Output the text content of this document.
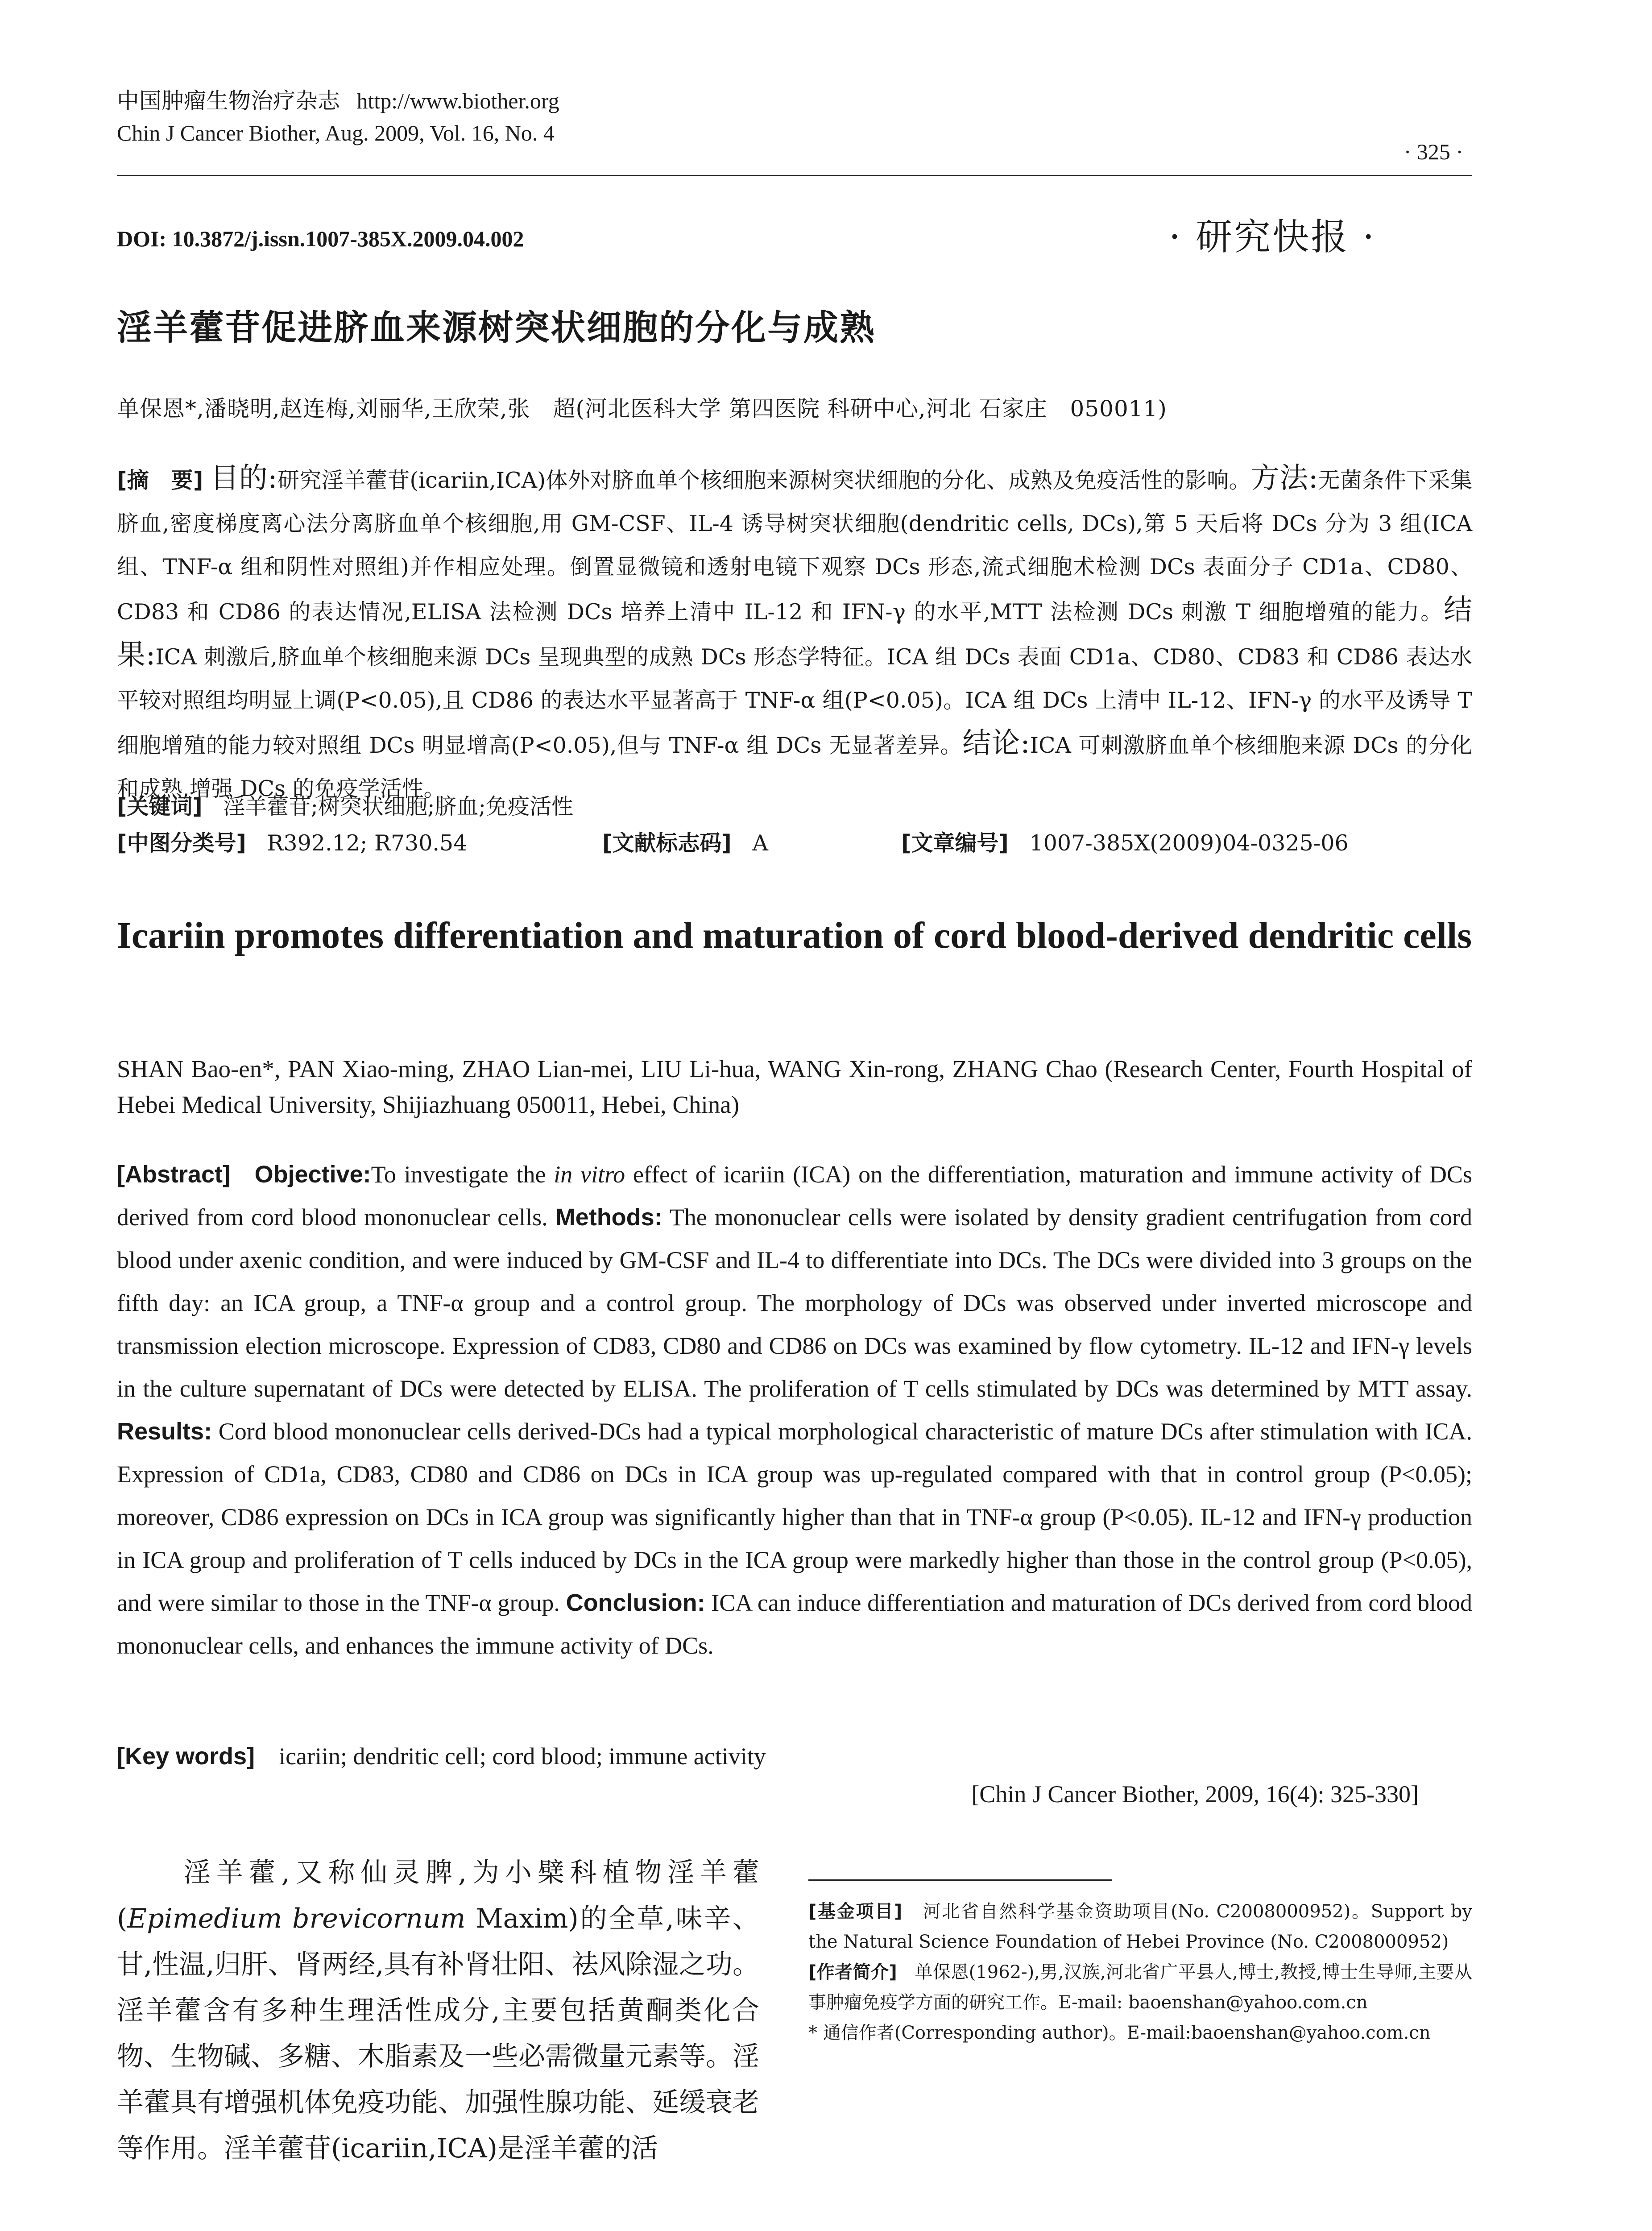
中国肿瘤生物治疗杂志 http://www.biother.org
Chin J Cancer Biother, Aug. 2009, Vol. 16, No. 4
· 325 ·
DOI: 10.3872/j.issn.1007-385X.2009.04.002	· 研究快报 ·
淫羊藿苷促进脐血来源树突状细胞的分化与成熟
单保恩*,潘晓明,赵连梅,刘丽华,王欣荣,张　超(河北医科大学 第四医院 科研中心,河北 石家庄　050011)
[摘　要] 目的:研究淫羊藿苷(icariin,ICA)体外对脐血单个核细胞来源树突状细胞的分化、成熟及免疫活性的影响。方法:无菌条件下采集脐血,密度梯度离心法分离脐血单个核细胞,用 GM-CSF、IL-4 诱导树突状细胞(dendritic cells, DCs),第 5 天后将 DCs 分为 3 组(ICA 组、TNF-α 组和阴性对照组)并作相应处理。倒置显微镜和透射电镜下观察 DCs 形态,流式细胞术检测 DCs 表面分子 CD1a、CD80、CD83 和 CD86 的表达情况,ELISA 法检测 DCs 培养上清中 IL-12 和 IFN-γ 的水平,MTT 法检测 DCs 刺激 T 细胞增殖的能力。结果:ICA 刺激后,脐血单个核细胞来源 DCs 呈现典型的成熟 DCs 形态学特征。ICA 组 DCs 表面 CD1a、CD80、CD83 和 CD86 表达水平较对照组均明显上调(P<0.05),且 CD86 的表达水平显著高于 TNF-α 组(P<0.05)。ICA 组 DCs 上清中 IL-12、IFN-γ 的水平及诱导 T 细胞增殖的能力较对照组 DCs 明显增高(P<0.05),但与 TNF-α 组 DCs 无显著差异。结论:ICA 可刺激脐血单个核细胞来源 DCs 的分化和成熟,增强 DCs 的免疫学活性。
[关键词] 淫羊藿苷;树突状细胞;脐血;免疫活性
[中图分类号] R392.12; R730.54	[文献标志码] A	[文章编号] 1007-385X(2009)04-0325-06
Icariin promotes differentiation and maturation of cord blood-derived dendritic cells
SHAN Bao-en*, PAN Xiao-ming, ZHAO Lian-mei, LIU Li-hua, WANG Xin-rong, ZHANG Chao (Research Center, Fourth Hospital of Hebei Medical University, Shijiazhuang 050011, Hebei, China)
[Abstract] Objective:To investigate the in vitro effect of icariin (ICA) on the differentiation, maturation and immune activity of DCs derived from cord blood mononuclear cells. Methods: The mononuclear cells were isolated by density gradient centrifugation from cord blood under axenic condition, and were induced by GM-CSF and IL-4 to differentiate into DCs. The DCs were divided into 3 groups on the fifth day: an ICA group, a TNF-α group and a control group. The morphology of DCs was observed under inverted microscope and transmission election microscope. Expression of CD83, CD80 and CD86 on DCs was examined by flow cytometry. IL-12 and IFN-γ levels in the culture supernatant of DCs were detected by ELISA. The proliferation of T cells stimulated by DCs was determined by MTT assay. Results: Cord blood mononuclear cells derived-DCs had a typical morphological characteristic of mature DCs after stimulation with ICA. Expression of CD1a, CD83, CD80 and CD86 on DCs in ICA group was up-regulated compared with that in control group (P<0.05); moreover, CD86 expression on DCs in ICA group was significantly higher than that in TNF-α group (P<0.05). IL-12 and IFN-γ production in ICA group and proliferation of T cells induced by DCs in the ICA group were markedly higher than those in the control group (P<0.05), and were similar to those in the TNF-α group. Conclusion: ICA can induce differentiation and maturation of DCs derived from cord blood mononuclear cells, and enhances the immune activity of DCs.
[Key words] icariin; dendritic cell; cord blood; immune activity
[Chin J Cancer Biother, 2009, 16(4): 325-330]
淫羊藿,又称仙灵脾,为小檗科植物淫羊藿(Epimedium brevicornum Maxim)的全草,味辛、甘,性温,归肝、肾两经,具有补肾壮阳、祛风除湿之功。淫羊藿含有多种生理活性成分,主要包括黄酮类化合物、生物碱、多糖、木脂素及一些必需微量元素等。淫羊藿具有增强机体免疫功能、加强性腺功能、延缓衰老等作用。淫羊藿苷(icariin,ICA)是淫羊藿的活
[基金项目] 河北省自然科学基金资助项目(No. C2008000952)。Support by the Natural Science Foundation of Hebei Province (No. C2008000952)
[作者简介] 单保恩(1962-),男,汉族,河北省广平县人,博士,教授,博士生导师,主要从事肿瘤免疫学方面的研究工作。E-mail: baoenshan@yahoo.com.cn
* 通信作者(Corresponding author)。E-mail:baoenshan@yahoo.com.cn
